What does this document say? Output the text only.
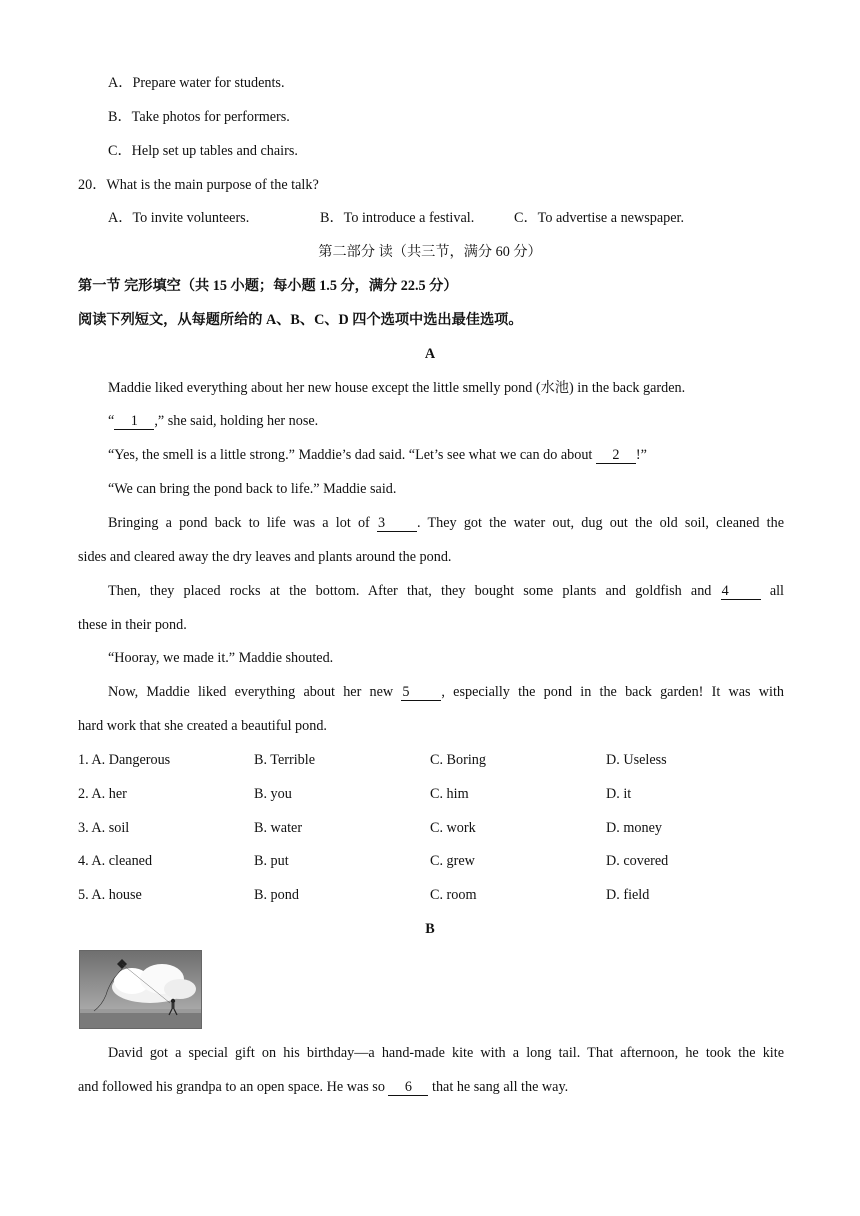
A．Prepare water for students.
B．Take photos for performers.
C．Help set up tables and chairs.
20．What is the main purpose of the talk?
A．To invite volunteers.	B．To introduce a festival.	C．To advertise a newspaper.
第二部分 读（共三节，满分 60 分）
第一节 完形填空（共 15 小题；每小题 1.5 分，满分 22.5 分）
阅读下列短文，从每题所给的 A、B、C、D 四个选项中选出最佳选项。
A
Maddie liked everything about her new house except the little smelly pond (水池) in the back garden.
“ 1 ,” she said, holding her nose.
“Yes, the smell is a little strong.” Maddie’s dad said. “Let’s see what we can do about 2 !”
“We can bring the pond back to life.” Maddie said.
Bringing a pond back to life was a lot of 3 . They got the water out, dug out the old soil, cleaned the
sides and cleared away the dry leaves and plants around the pond.
Then, they placed rocks at the bottom. After that, they bought some plants and goldfish and 4 all
these in their pond.
“Hooray, we made it.” Maddie shouted.
Now, Maddie liked everything about her new 5 , especially the pond in the back garden! It was with
hard work that she created a beautiful pond.
1. A. Dangerous	B. Terrible	C. Boring	D. Useless
2. A. her	B. you	C. him	D. it
3. A. soil	B. water	C. work	D. money
4. A. cleaned	B. put	C. grew	D. covered
5. A. house	B. pond	C. room	D. field
B
David got a special gift on his birthday—a hand-made kite with a long tail. That afternoon, he took the kite
and followed his grandpa to an open space. He was so 6 that he sang all the way.
